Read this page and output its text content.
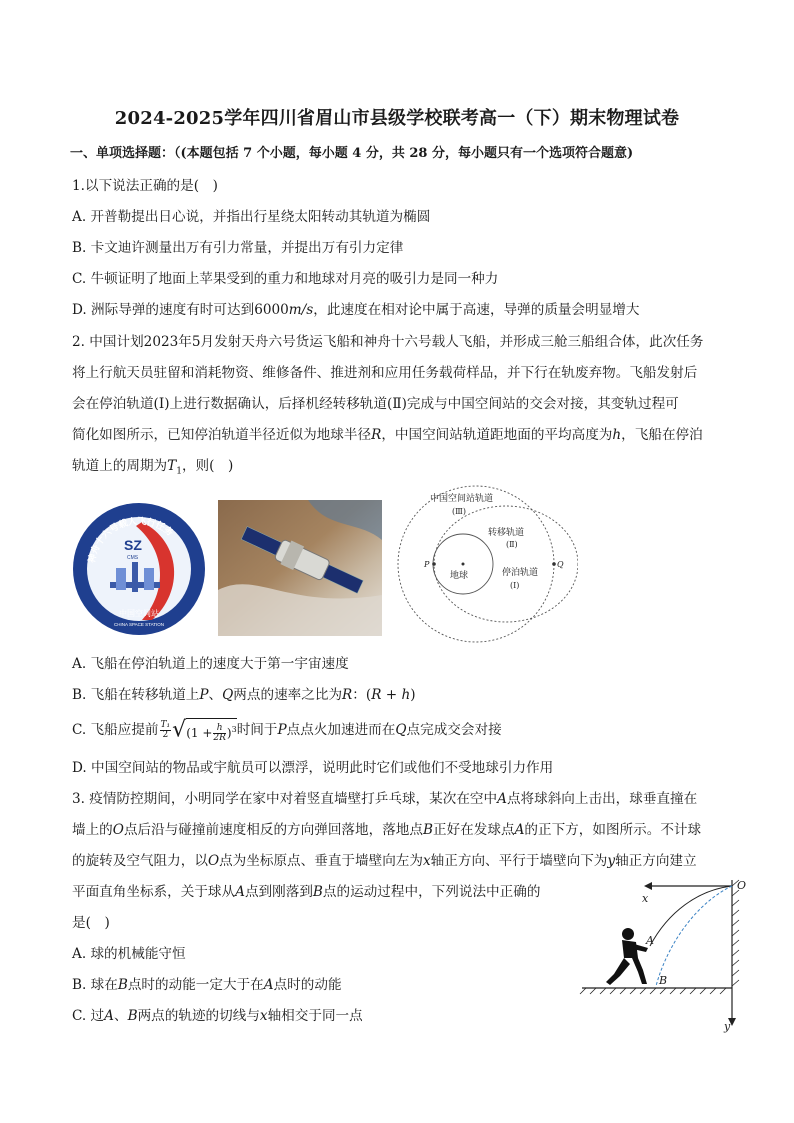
2024-2025学年四川省眉山市县级学校联考高一（下）期末物理试卷
一、单项选择题：（(本题包括 7 个小题，每小题 4 分，共 28 分，每小题只有一个选项符合题意)
1.以下说法正确的是(　)
A. 开普勒提出日心说，并指出行星绕太阳转动其轨道为椭圆
B. 卡文迪许测量出万有引力常量，并提出万有引力定律
C. 牛顿证明了地面上苹果受到的重力和地球对月亮的吸引力是同一种力
D. 洲际导弹的速度有时可达到6000m/s，此速度在相对论中属于高速，导弹的质量会明显增大
2. 中国计划2023年5月发射天舟六号货运飞船和神舟十六号载人飞船，并形成三舱三船组合体，此次任务
将上行航天员驻留和消耗物资、维修备件、推进剂和应用任务载荷样品，并下行在轨废弃物。飞船发射后
会在停泊轨道(Ⅰ)上进行数据确认，后择机经转移轨道(Ⅱ)完成与中国空间站的交会对接，其变轨过程可
简化如图所示，已知停泊轨道半径近似为地球半径R，中国空间站轨道距地面的平均高度为h，飞船在停泊
轨道上的周期为$T_1$，则(　)
SZ
CMS
神舟十六号载人飞行任务
中国空间站
CHINA SPACE STATION
P	Q
地球
中国空间站轨道
(Ⅲ)
转移轨道
(Ⅱ)
停泊轨道
(Ⅰ)
A. 飞船在停泊轨道上的速度大于第一宇宙速度
B. 飞船在转移轨道上P、Q两点的速率之比为R：(R + h)
C. 飞船应提前 $\frac{\text{T₁}}{2} √(1 + \frac{h}{2R} )^3$时间于P点点火加速进而在Q点完成交会对接
D. 中国空间站的物品或宇航员可以漂浮，说明此时它们或他们不受地球引力作用
3. 疫情防控期间，小明同学在家中对着竖直墙壁打乒乓球，某次在空中A点将球斜向上击出，球垂直撞在
墙上的O点后沿与碰撞前速度相反的方向弹回落地，落地点B正好在发球点A的正下方，如图所示。不计球
的旋转及空气阻力，以O点为坐标原点、垂直于墙壁向左为x轴正方向、平行于墙壁向下为y轴正方向建立
平面直角坐标系，关于球从A点到刚落到B点的运动过程中，下列说法中正确的
是(　)
A. 球的机械能守恒
B. 球在B点时的动能一定大于在A点时的动能
C. 过A、B两点的轨迹的切线与x轴相交于同一点
O
x
y
A
B
